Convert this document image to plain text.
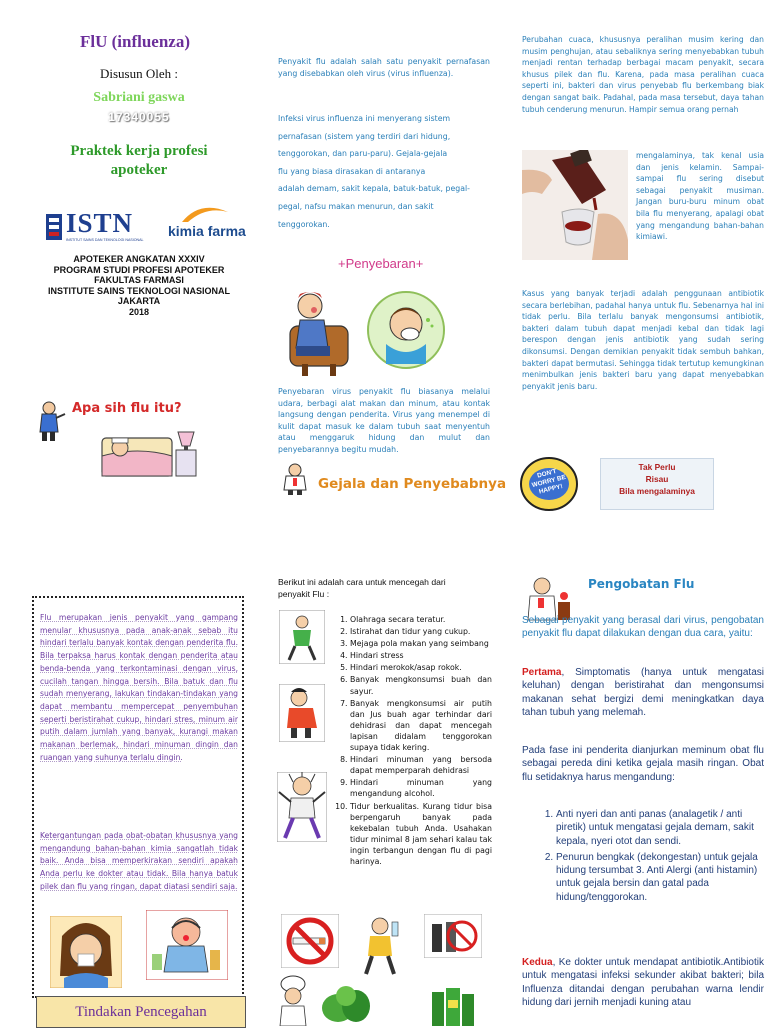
FlU (influenza)
Disusun Oleh :
Sabriani gaswa
17340055
Praktek kerja profesi
apoteker
ISTN
INSTITUT SAINS DAN TEKNOLOGI NASIONAL
kimia farma
APOTEKER ANGKATAN XXXIV
PROGRAM STUDI PROFESI APOTEKER
FAKULTAS FARMASI
INSTITUTE SAINS TEKNOLOGI NASIONAL
JAKARTA
2018
Apa sih flu itu?
Penyakit flu adalah salah satu penyakit pernafasan yang disebabkan oleh virus (virus influenza).
Infeksi virus influenza ini menyerang sistem
pernafasan (sistem yang terdiri dari hidung,
tenggorokan, dan paru-paru). Gejala-gejala
flu yang biasa dirasakan di antaranya
adalah demam, sakit kepala, batuk-batuk, pegal-
pegal, nafsu makan menurun, dan sakit
tenggorokan.
+Penyebaran+
Penyebaran virus penyakit flu biasanya melalui udara, berbagi alat makan dan minum, atau kontak langsung dengan penderita. Virus yang menempel di kulit dapat masuk ke dalam tubuh saat menyentuh atau menggaruk hidung dan mulut dan penyebarannya begitu mudah.
Gejala dan Penyebabnya
Perubahan cuaca, khususnya peralihan musim kering dan musim penghujan, atau sebaliknya sering menyebabkan tubuh menjadi rentan terhadap berbagai macam penyakit, secara khusus pilek dan flu. Karena, pada masa peralihan cuaca seperti ini, bakteri dan virus penyebab flu berkembang biak dengan sangat baik. Padahal, pada masa tersebut, daya tahan tubuh cenderung menurun. Hampir semua orang pernah
mengalaminya, tak kenal usia dan jenis kelamin. Sampai-sampai flu sering disebut sebagai penyakit musiman. Jangan buru-buru minum obat bila flu menyerang, apalagi obat yang mengandung bahan-bahan kimiawi.
Kasus yang banyak terjadi adalah penggunaan antibiotik secara berlebihan, padahal hanya untuk flu. Sebenarnya hal ini tidak perlu. Bila terlalu banyak mengonsumsi antibiotik, bakteri dalam tubuh dapat menjadi kebal dan tidak lagi berespon dengan jenis antibiotik yang sudah sering dikonsumsi. Dengan demikian penyakit tidak sembuh bahkan, bakteri dapat bermutasi. Sehingga tidak tertutup kemungkinan menimbulkan jenis bakteri baru yang dapat menyebabkan penyakit jenis baru.
DON'T WORRY BE HAPPY!
Tak Perlu
Risau
Bila mengalaminya
Flu merupakan jenis penyakit yang gampang menular khususnya pada anak-anak sebab itu hindari terlalu banyak kontak dengan penderita flu. Bila terpaksa harus kontak dengan penderita atau benda-benda yang terkontaminasi dengan virus, cucilah tangan hingga bersih. Bila batuk dan flu sudah menyerang, lakukan tindakan-tindakan yang dapat membantu mempercepat penyembuhan seperti beristirahat cukup, hindari stres, minum air putih dalam jumlah yang banyak, kurangi makan makanan berlemak, hindari minuman dingin dan ruangan yang suhunya terlalu dingin.
Ketergantungan pada obat-obatan khususnya yang mengandung bahan-bahan kimia sangatlah tidak baik. Anda bisa memperkirakan sendiri apakah Anda perlu ke dokter atau tidak. Bila hanya batuk pilek dan flu yang ringan, dapat diatasi sendiri saja.
Tindakan Pencegahan
Berikut ini adalah cara untuk mencegah dari penyakit Flu :
1. Olahraga secara teratur.
2. Istirahat dan tidur yang cukup.
3. Mejaga pola makan yang seimbang
4. Hindari stress
5. Hindari merokok/asap rokok.
6. Banyak mengkonsumsi buah dan sayur.
7. Banyak mengkonsumsi air putih dan Jus buah agar terhindar dari dehidrasi dan dapat mencegah lapisan didalam tenggorokan supaya tidak kering.
8. Hindari minuman yang bersoda dapat memperparah dehidrasi
9. Hindari minuman yang mengandung alcohol.
10. Tidur berkualitas. Kurang tidur bisa berpengaruh banyak pada kekebalan tubuh Anda. Usahakan tidur minimal 8 jam sehari kalau tak ingin terbangun dengan flu di pagi harinya.
Pengobatan Flu
Sebagai penyakit yang berasal dari virus, pengobatan penyakit flu dapat dilakukan dengan dua cara, yaitu:
Pertama, Simptomatis (hanya untuk mengatasi keluhan) dengan beristirahat dan mengonsumsi makanan sehat bergizi demi meningkatkan daya tahan tubuh yang melemah.
Pada fase ini penderita dianjurkan meminum obat flu sebagai pereda dini ketika gejala masih ringan. Obat flu setidaknya harus mengandung:
1. Anti nyeri dan anti panas (analagetik / anti piretik) untuk mengatasi gejala demam, sakit kepala, nyeri otot dan sendi.
2. Penurun bengkak (dekongestan) untuk gejala hidung tersumbat 3. Anti Alergi (anti histamin) untuk gejala bersin dan gatal pada hidung/tenggorokan.
Kedua, Ke dokter untuk mendapat antibiotik.Antibiotik untuk mengatasi infeksi sekunder akibat bakteri; bila Influenza ditandai dengan perubahan warna lendir hidung dari jernih menjadi kuning atau
